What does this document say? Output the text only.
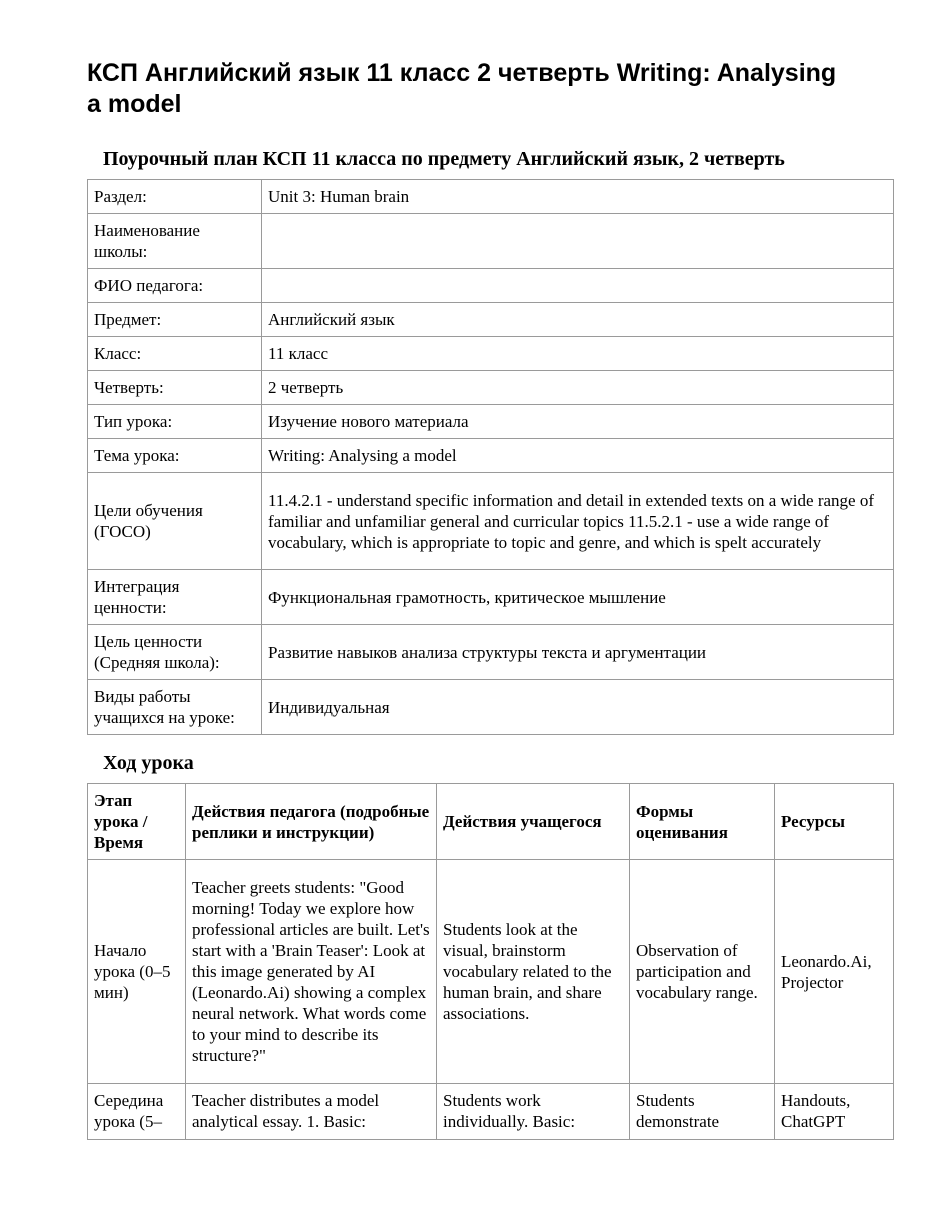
КСП Английский язык 11 класс 2 четверть Writing: Analysing a model
Поурочный план КСП 11 класса по предмету Английский язык, 2 четверть
Раздел:	Unit 3: Human brain
Наименование школы:	
ФИО педагога:	
Предмет:	Английский язык
Класс:	11 класс
Четверть:	2 четверть
Тип урока:	Изучение нового материала
Тема урока:	Writing: Analysing a model
Цели обучения (ГОСО)	11.4.2.1 - understand specific information and detail in extended texts on a wide range of familiar and unfamiliar general and curricular topics 11.5.2.1 - use a wide range of vocabulary, which is appropriate to topic and genre, and which is spelt accurately
Интеграция ценности:	Функциональная грамотность, критическое мышление
Цель ценности (Средняя школа):	Развитие навыков анализа структуры текста и аргументации
Виды работы учащихся на уроке:	Индивидуальная
Ход урока
Этап урока / Время	Действия педагога (подробные реплики и инструкции)	Действия учащегося	Формы оценивания	Ресурсы
Начало урока (0–5 мин)	Teacher greets students: "Good morning! Today we explore how professional articles are built. Let's start with a 'Brain Teaser': Look at this image generated by AI (Leonardo.Ai) showing a complex neural network. What words come to your mind to describe its structure?"	Students look at the visual, brainstorm vocabulary related to the human brain, and share associations.	Observation of participation and vocabulary range.	Leonardo.Ai, Projector
Середина урока (5–	Teacher distributes a model analytical essay. 1. Basic:	Students work individually. Basic:	Students demonstrate	Handouts, ChatGPT
